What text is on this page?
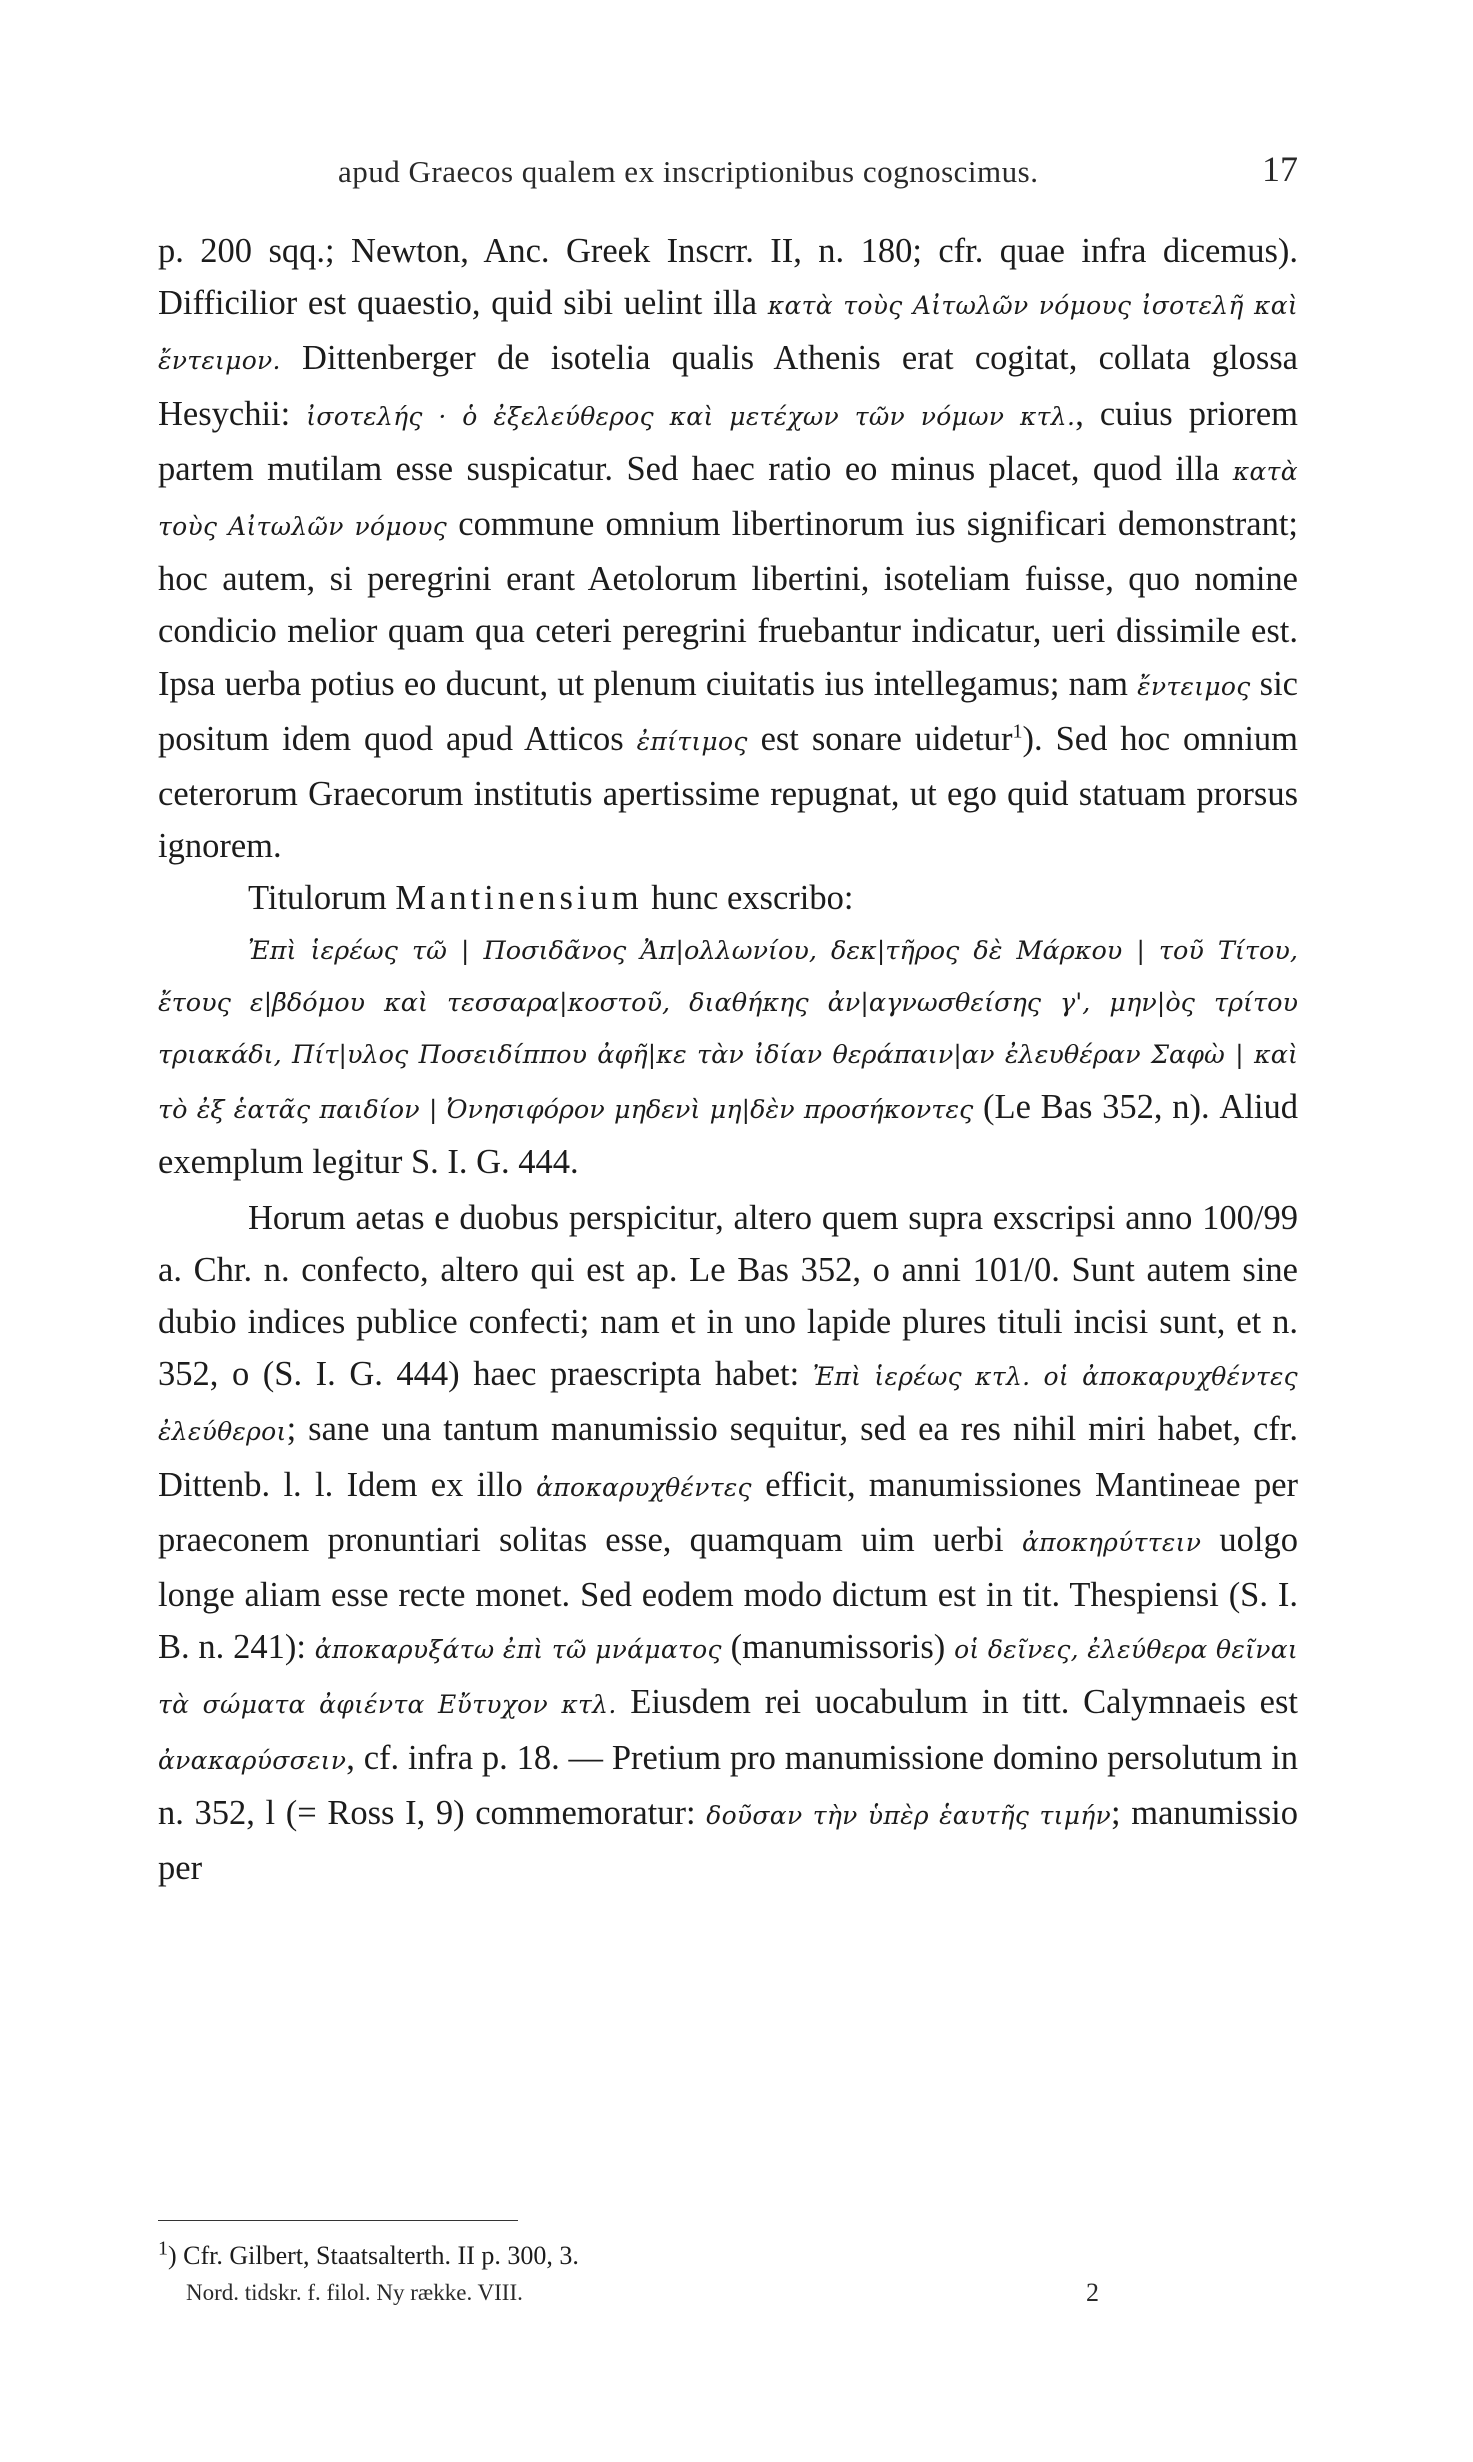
apud Graecos qualem ex inscriptionibus cognoscimus.	17

p. 200 sqq.; Newton, Anc. Greek Inscrr. II, n. 180; cfr. quae infra dicemus). Difficilior est quaestio, quid sibi uelint illa κατὰ τοὺς Αἰτωλῶν νόμους ἰσοτελῆ καὶ ἔντειμον. Dittenberger de isotelia qualis Athenis erat cogitat, collata glossa Hesychii: ἰσοτελής · ὁ ἐξελεύθερος καὶ μετέχων τῶν νόμων κτλ., cuius priorem partem mutilam esse suspicatur. Sed haec ratio eo minus placet, quod illa κατὰ τοὺς Αἰτωλῶν νόμους commune omnium libertinorum ius significari demonstrant; hoc autem, si peregrini erant Aetolorum libertini, isoteliam fuisse, quo nomine condicio melior quam qua ceteri peregrini fruebantur indicatur, ueri dissimile est. Ipsa uerba potius eo ducunt, ut plenum ciuitatis ius intellegamus; nam ἔντειμος sic positum idem quod apud Atticos ἐπίτιμος est sonare uidetur$^1$). Sed hoc omnium ceterorum Graecorum institutis apertissime repugnat, ut ego quid statuam prorsus ignorem.

Titulorum Mantinensium hunc exscribo:

Ἐπὶ ἱερέως τῶ | Ποσιδᾶνος Ἀπ|ολλωνίου, δεκ|τῆρος δὲ Μάρκου | τοῦ Τίτου, ἔτους ε|β̄δόμου καὶ τεσσαρα|κοστοῦ, διαθήκης ἀν|αγνωσθείσης γ', μην|ὸς τρίτου τριακάδι, Πίτ|υλος Ποσειδίππου ἀφῆ|κε τὰν ἰδίαν θεράπαιν|αν ἐλευθέραν Σαφὼ | καὶ τὸ ἐξ ἑατᾶς παιδίον | Ὀνησιφόρον μηδενὶ μη|δὲν προσήκοντες (Le Bas 352, n). Aliud exemplum legitur S. I. G. 444.

Horum aetas e duobus perspicitur, altero quem supra exscripsi anno 100/99 a. Chr. n. confecto, altero qui est ap. Le Bas 352, o anni 101/0. Sunt autem sine dubio indices publice confecti; nam et in uno lapide plures tituli incisi sunt, et n. 352, o (S. I. G. 444) haec praescripta habet: Ἐπὶ ἱερέως κτλ. οἱ ἀποκαρυχθέντες ἐλεύθεροι; sane una tantum manumissio sequitur, sed ea res nihil miri habet, cfr. Dittenb. l. l. Idem ex illo ἀποκαρυχθέντες efficit, manumissiones Mantineae per praeconem pronuntiari solitas esse, quamquam uim uerbi ἀποκηρύττειν uolgo longe aliam esse recte monet. Sed eodem modo dictum est in tit. Thespiensi (S. I. B. n. 241): ἀποκαρυξάτω ἐπὶ τῶ μνάματος (manumissoris) οἱ δεῖνες, ἐλεύθερα θεῖναι τὰ σώματα ἀφιέντα Εὔτυχον κτλ. Eiusdem rei uocabulum in titt. Calymnaeis est ἀνακαρύσσειν, cf. infra p. 18. — Pretium pro manumissione domino persolutum in n. 352, l (= Ross I, 9) commemoratur: δοῦσαν τὴν ὑπὲρ ἑαυτῆς τιμήν; manumissio per

$^1$) Cfr. Gilbert, Staatsalterth. II p. 300, 3.
Nord. tidskr. f. filol. Ny række. VIII.	2
